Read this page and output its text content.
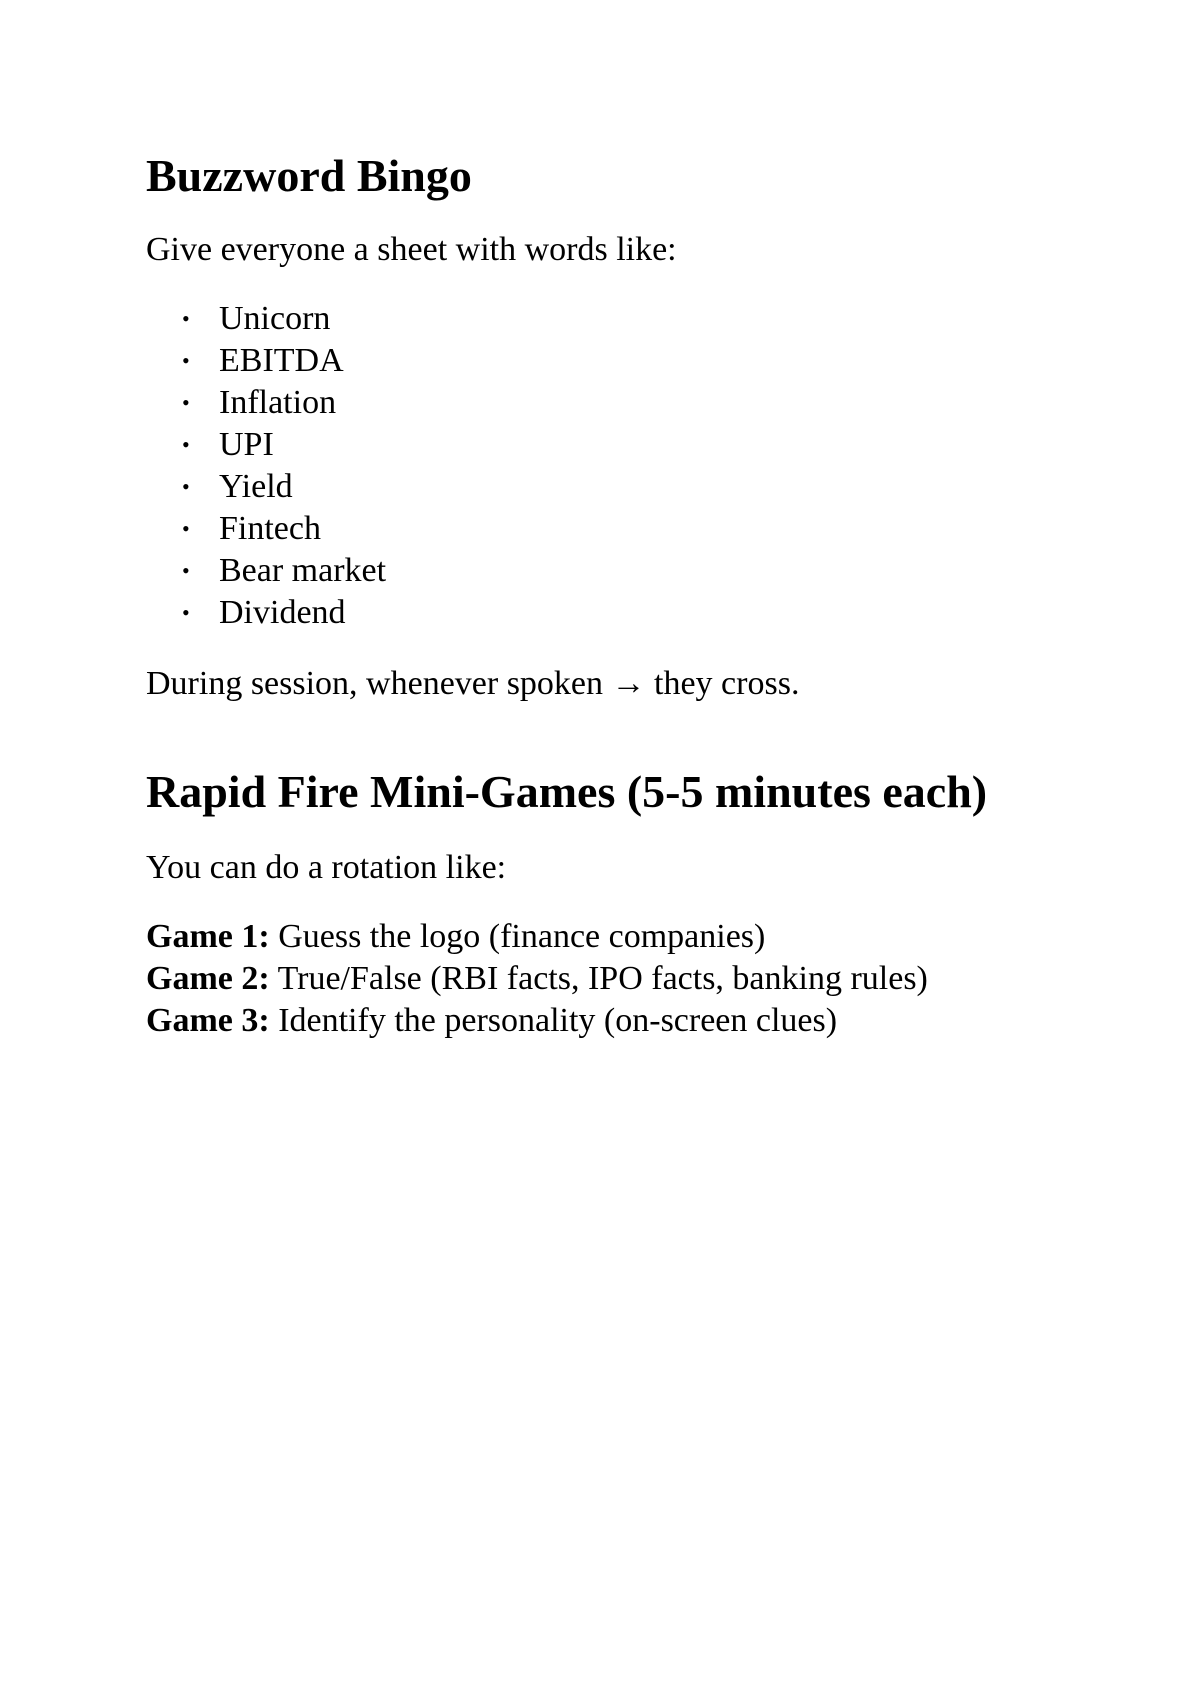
Buzzword Bingo

Give everyone a sheet with words like:

• Unicorn
• EBITDA
• Inflation
• UPI
• Yield
• Fintech
• Bear market
• Dividend

During session, whenever spoken → they cross.

Rapid Fire Mini-Games (5-5 minutes each)

You can do a rotation like:

Game 1: Guess the logo (finance companies)
Game 2: True/False (RBI facts, IPO facts, banking rules)
Game 3: Identify the personality (on-screen clues)
